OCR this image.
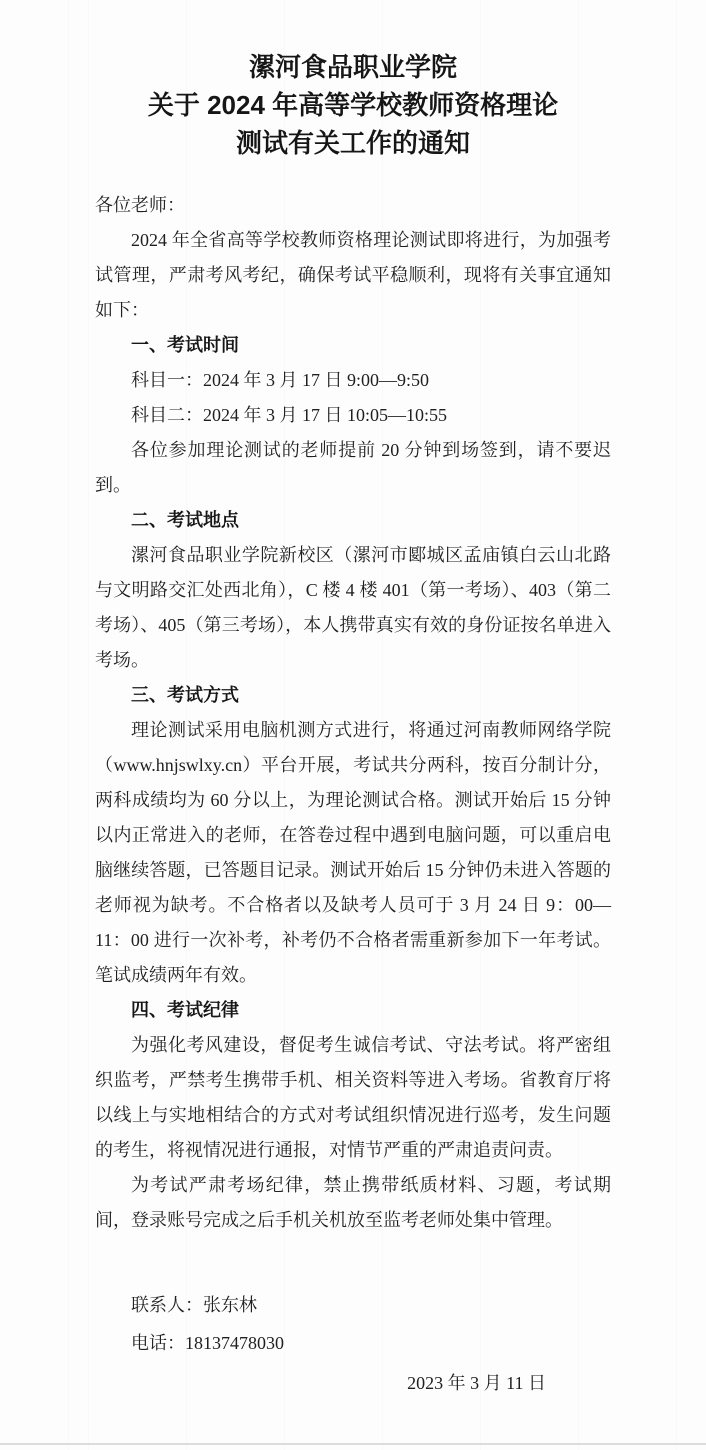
漯河食品职业学院
关于 2024 年高等学校教师资格理论
测试有关工作的通知

各位老师：

2024 年全省高等学校教师资格理论测试即将进行，为加强考试管理，严肃考风考纪，确保考试平稳顺利，现将有关事宜通知如下：

一、考试时间

科目一：2024 年 3 月 17 日 9:00—9:50

科目二：2024 年 3 月 17 日 10:05—10:55

各位参加理论测试的老师提前 20 分钟到场签到，请不要迟到。

二、考试地点

漯河食品职业学院新校区（漯河市郾城区孟庙镇白云山北路与文明路交汇处西北角），C 楼 4 楼 401（第一考场）、403（第二考场）、405（第三考场），本人携带真实有效的身份证按名单进入考场。

三、考试方式

理论测试采用电脑机测方式进行，将通过河南教师网络学院（www.hnjswlxy.cn）平台开展，考试共分两科，按百分制计分，两科成绩均为 60 分以上，为理论测试合格。测试开始后 15 分钟以内正常进入的老师，在答卷过程中遇到电脑问题，可以重启电脑继续答题，已答题目记录。测试开始后 15 分钟仍未进入答题的老师视为缺考。不合格者以及缺考人员可于 3 月 24 日 9：00—11：00 进行一次补考，补考仍不合格者需重新参加下一年考试。笔试成绩两年有效。

四、考试纪律

为强化考风建设，督促考生诚信考试、守法考试。将严密组织监考，严禁考生携带手机、相关资料等进入考场。省教育厅将以线上与实地相结合的方式对考试组织情况进行巡考，发生问题的考生，将视情况进行通报，对情节严重的严肃追责问责。

为考试严肃考场纪律，禁止携带纸质材料、习题，考试期间，登录账号完成之后手机关机放至监考老师处集中管理。

联系人：张东林

电话：18137478030

2023 年 3 月 11 日
